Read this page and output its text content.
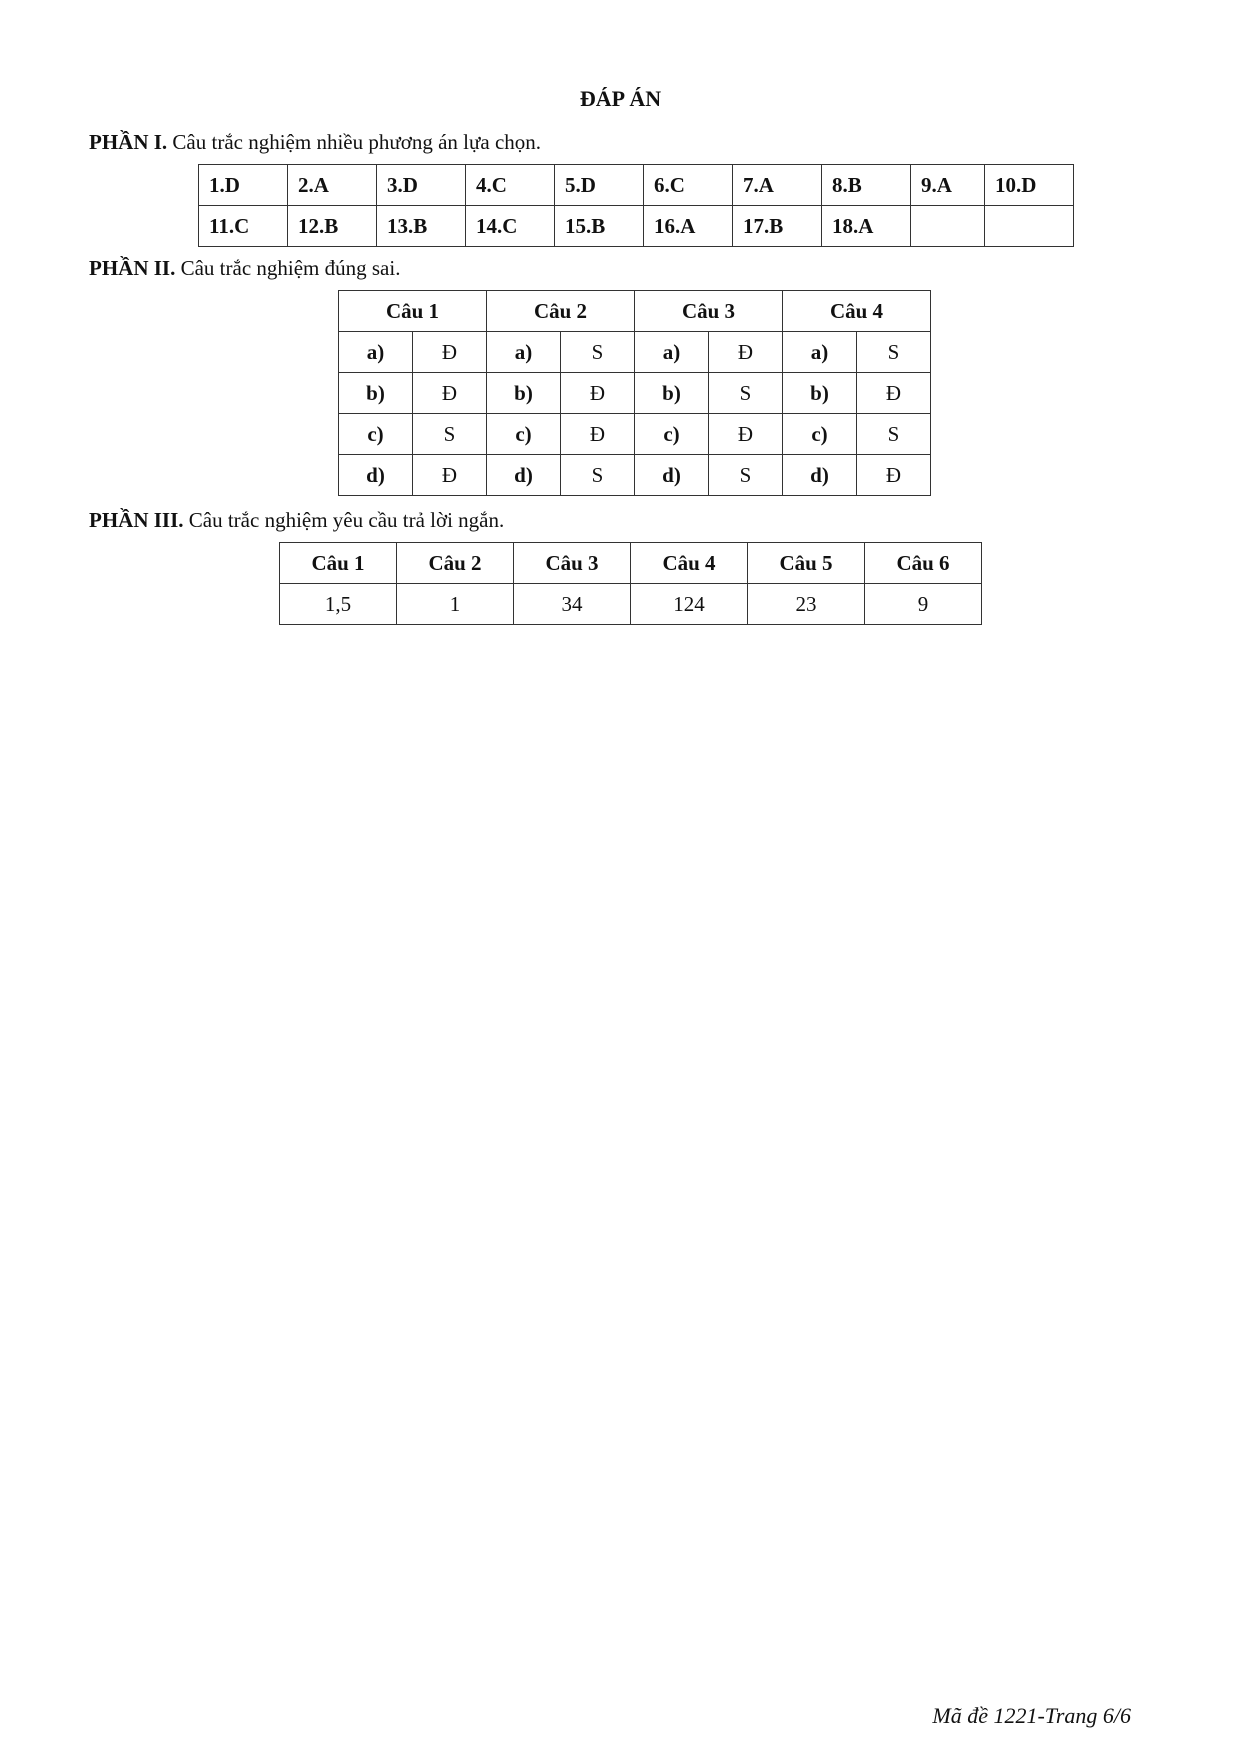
ĐÁP ÁN
PHẦN I. Câu trắc nghiệm nhiều phương án lựa chọn.
1.D	2.A	3.D	4.C	5.D	6.C	7.A	8.B	9.A	10.D
11.C	12.B	13.B	14.C	15.B	16.A	17.B	18.A		
PHẦN II. Câu trắc nghiệm đúng sai.
Câu 1		Câu 2		Câu 3		Câu 4	
a)	Đ	a)	S	a)	Đ	a)	S
b)	Đ	b)	Đ	b)	S	b)	Đ
c)	S	c)	Đ	c)	Đ	c)	S
d)	Đ	d)	S	d)	S	d)	Đ
PHẦN III. Câu trắc nghiệm yêu cầu trả lời ngắn.
Câu 1	Câu 2	Câu 3	Câu 4	Câu 5	Câu 6
1,5	1	34	124	23	9
Mã đề 1221-Trang 6/6
